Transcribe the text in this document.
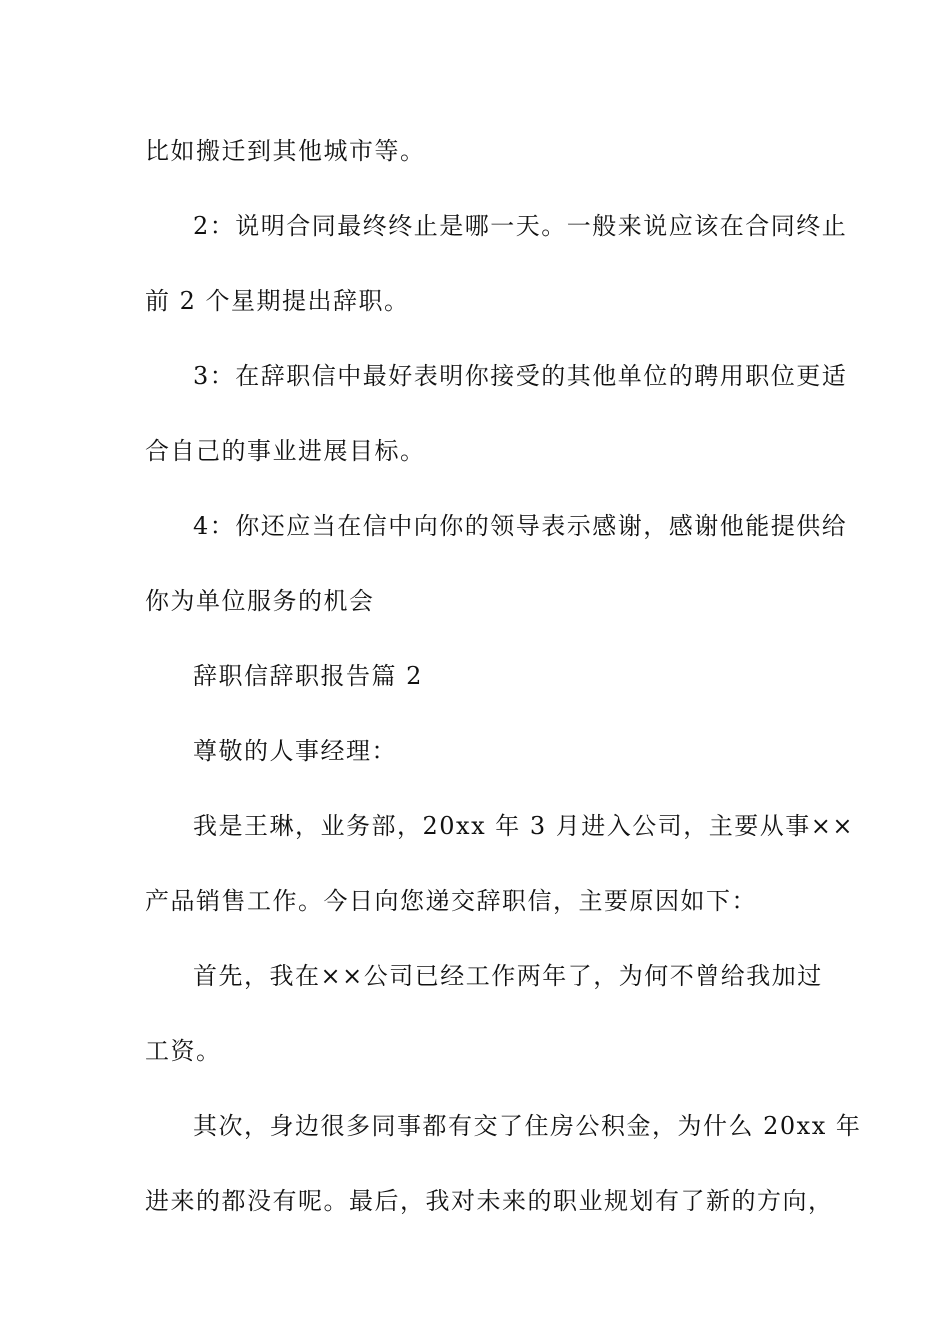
比如搬迁到其他城市等。
2：说明合同最终终止是哪一天。一般来说应该在合同终止
前 2 个星期提出辞职。
3：在辞职信中最好表明你接受的其他单位的聘用职位更适
合自己的事业进展目标。
4：你还应当在信中向你的领导表示感谢，感谢他能提供给
你为单位服务的机会
辞职信辞职报告篇 2
尊敬的人事经理：
我是王琳，业务部，20xx 年 3 月进入公司，主要从事××
产品销售工作。今日向您递交辞职信，主要原因如下：
首先，我在××公司已经工作两年了，为何不曾给我加过
工资。
其次，身边很多同事都有交了住房公积金，为什么 20xx 年
进来的都没有呢。最后，我对未来的职业规划有了新的方向，
